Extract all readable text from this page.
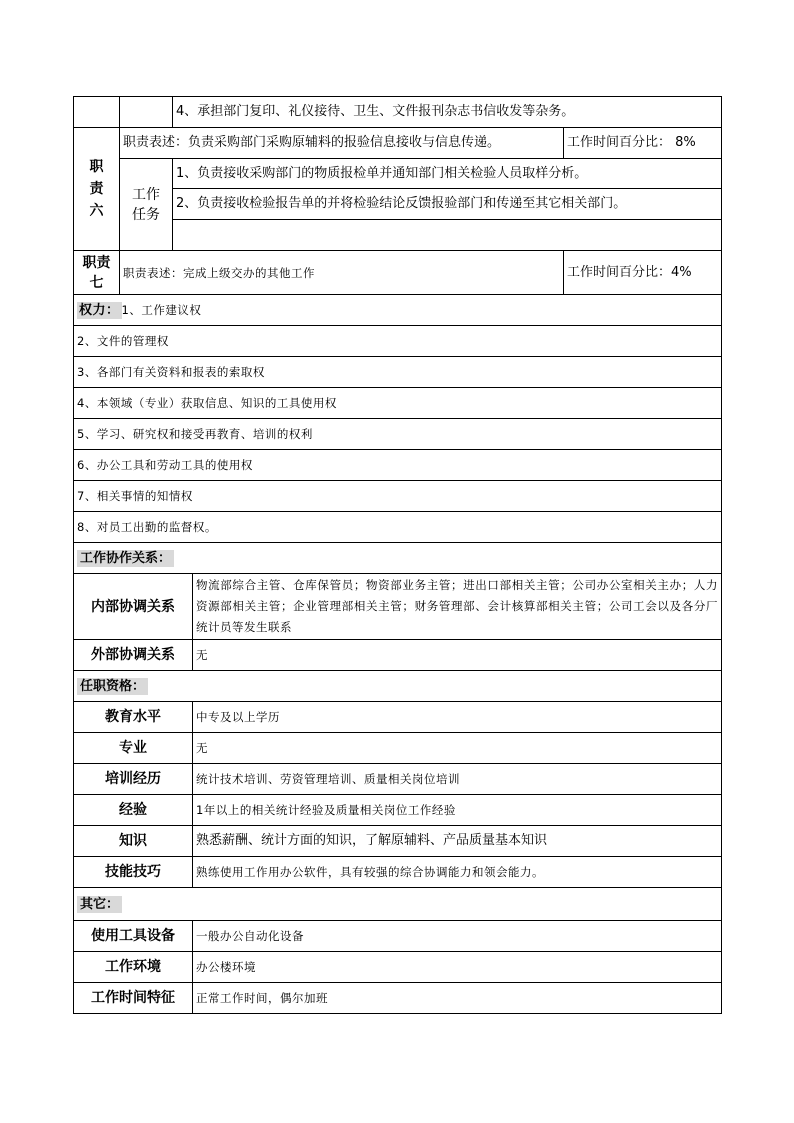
		4、承担部门复印、礼仪接待、卫生、文件报刊杂志书信收发等杂务。	
职
责
六	职责表述：负责采购部门采购原辅料的报验信息接收与信息传递。		工作时间百分比： 8%
	工作
任务	1、负责接收采购部门的物质报检单并通知部门相关检验人员取样分析。	
		2、负责接收检验报告单的并将检验结论反馈报验部门和传递至其它相关部门。	

职责
七	职责表述：完成上级交办的其他工作		工作时间百分比：4%
权力： 1、工作建议权	
2、文件的管理权	
3、各部门有关资料和报表的索取权	
4、本领域（专业）获取信息、知识的工具使用权	
5、学习、研究权和接受再教育、培训的权利	
6、办公工具和劳动工具的使用权	
7、相关事情的知情权	
8、对员工出勤的监督权。	
工作协作关系：	
内部协调关系	物流部综合主管、仓库保管员；物资部业务主管；进出口部相关主管；公司办公室相关主办；人力资源部相关主管；企业管理部相关主管；财务管理部、会计核算部相关主管；公司工会以及各分厂统计员等发生联系
外部协调关系	无
任职资格：	
教育水平	中专及以上学历
专业	无
培训经历	统计技术培训、劳资管理培训、质量相关岗位培训
经验	1年以上的相关统计经验及质量相关岗位工作经验
知识	熟悉薪酬、统计方面的知识，了解原辅料、产品质量基本知识
技能技巧	熟练使用工作用办公软件，具有较强的综合协调能力和领会能力。
其它：	
使用工具设备	一般办公自动化设备
工作环境	办公楼环境
工作时间特征	正常工作时间，偶尔加班
